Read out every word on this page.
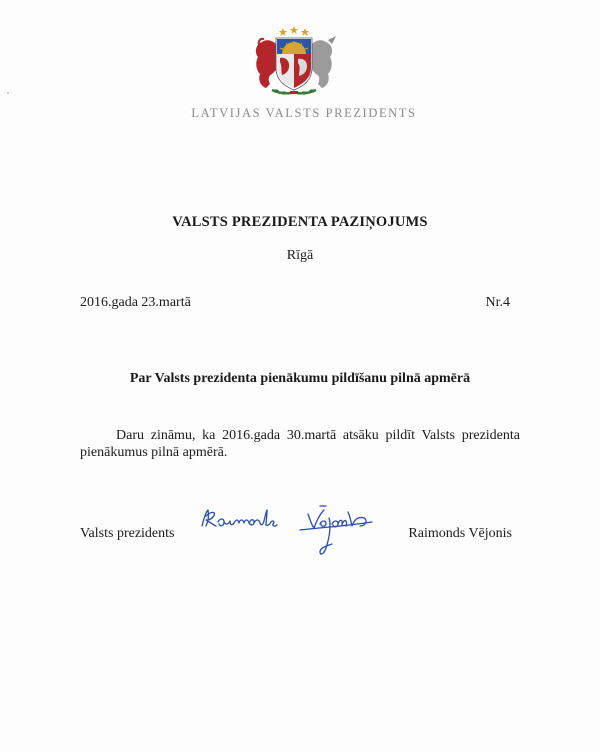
LATVIJAS VALSTS PREZIDENTS
VALSTS PREZIDENTA PAZIŅOJUMS
Rīgā
2016.gada 23.martā	Nr.4
Par Valsts prezidenta pienākumu pildīšanu pilnā apmērā
Daru zināmu, ka 2016.gada 30.martā atsāku pildīt Valsts prezidenta pienākumus pilnā apmērā.
Valsts prezidents	Raimonds Vējonis
